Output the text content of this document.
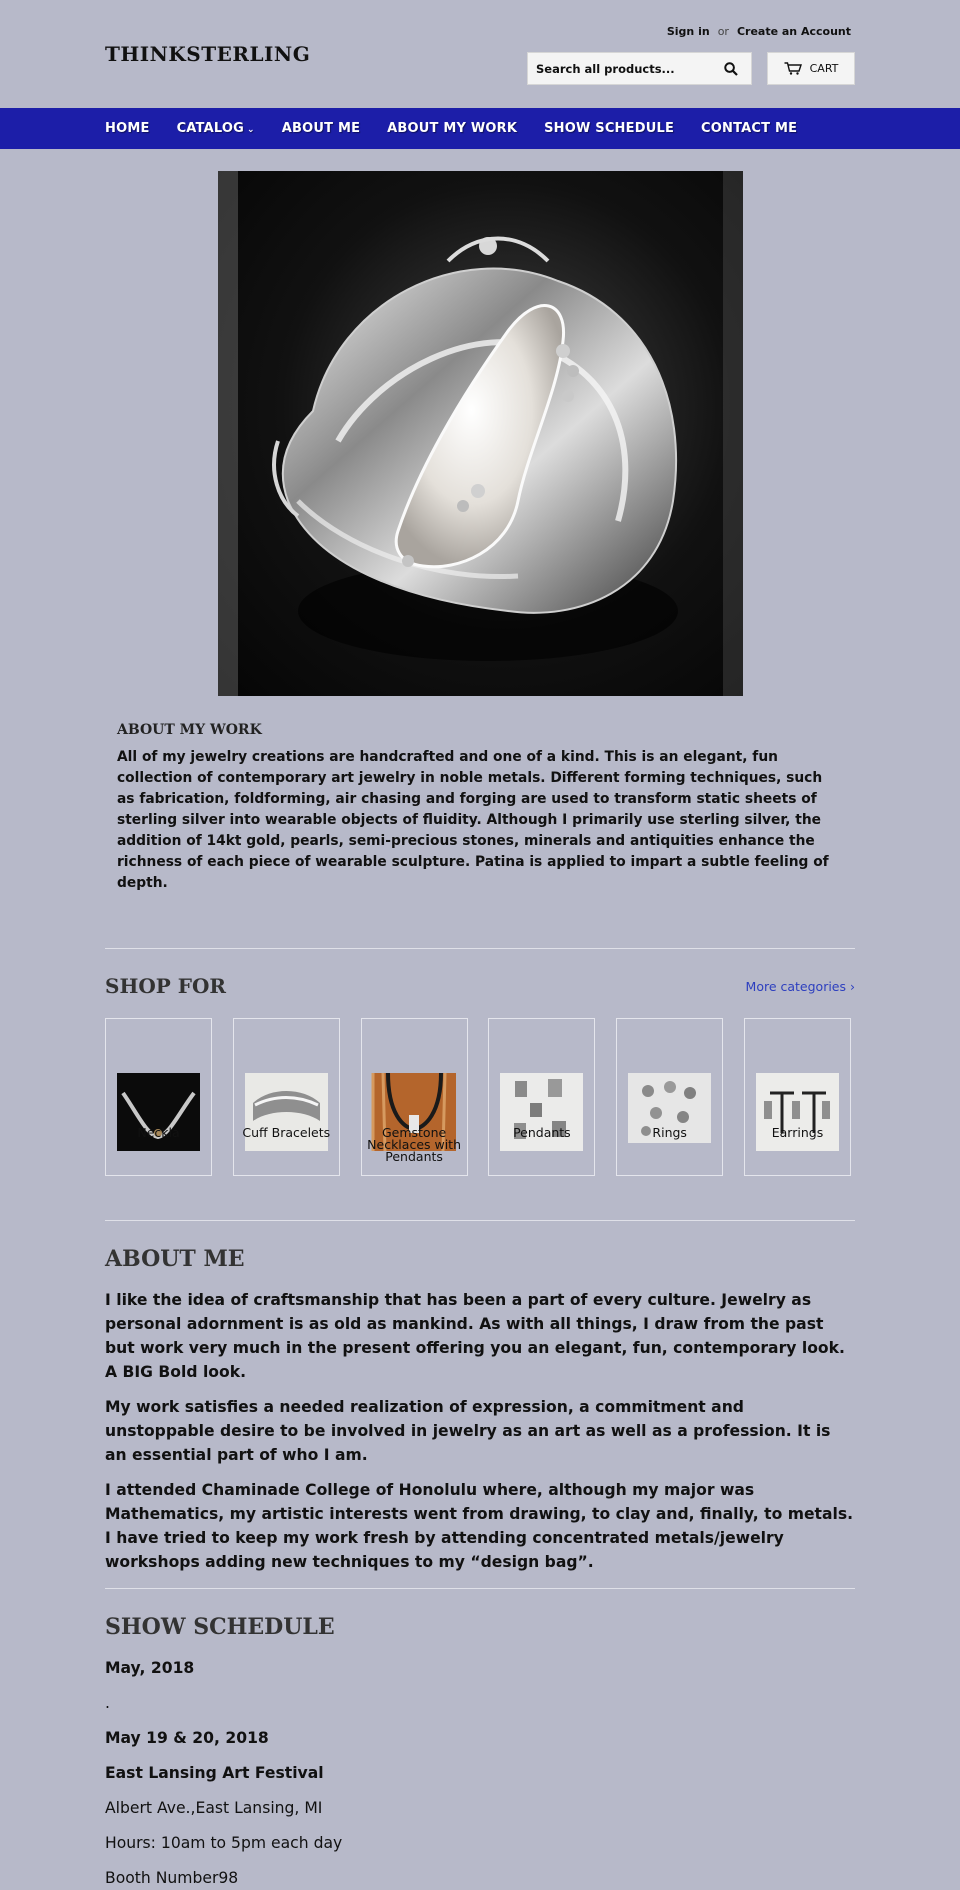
THINKSTERLING
Sign in or Create an Account
Search all products...
CART
HOME CATALOG ⌄ ABOUT ME ABOUT MY WORK SHOW SCHEDULE CONTACT ME
ABOUT MY WORK

All of my jewelry creations are handcrafted and one of a kind. This is an elegant, fun collection of contemporary art jewelry in noble metals. Different forming techniques, such as fabrication, foldforming, air chasing and forging are used to transform static sheets of sterling silver into wearable objects of fluidity. Although I primarily use sterling silver, the addition of 14kt gold, pearls, semi-precious stones, minerals and antiquities enhance the richness of each piece of wearable sculpture. Patina is applied to impart a subtle feeling of depth.

SHOP FOR	More categories ›
Neckla	Cuff Bracelets	Gemstone Necklaces with Pendants
Pendants	Rings	Earrings
ABOUT ME

I like the idea of craftsmanship that has been a part of every culture. Jewelry as personal adornment is as old as mankind. As with all things, I draw from the past but work very much in the present offering you an elegant, fun, contemporary look. A BIG Bold look.

My work satisfies a needed realization of expression, a commitment and unstoppable desire to be involved in jewelry as an art as well as a profession. It is an essential part of who I am.

I attended Chaminade College of Honolulu where, although my major was Mathematics, my artistic interests went from drawing, to clay and, finally, to metals. I have tried to keep my work fresh by attending concentrated metals/jewelry workshops adding new techniques to my “design bag”.

SHOW SCHEDULE

May, 2018

.

May 19 & 20, 2018

East Lansing Art Festival

Albert Ave.,East Lansing, MI

Hours: 10am to 5pm each day

Booth Number98
